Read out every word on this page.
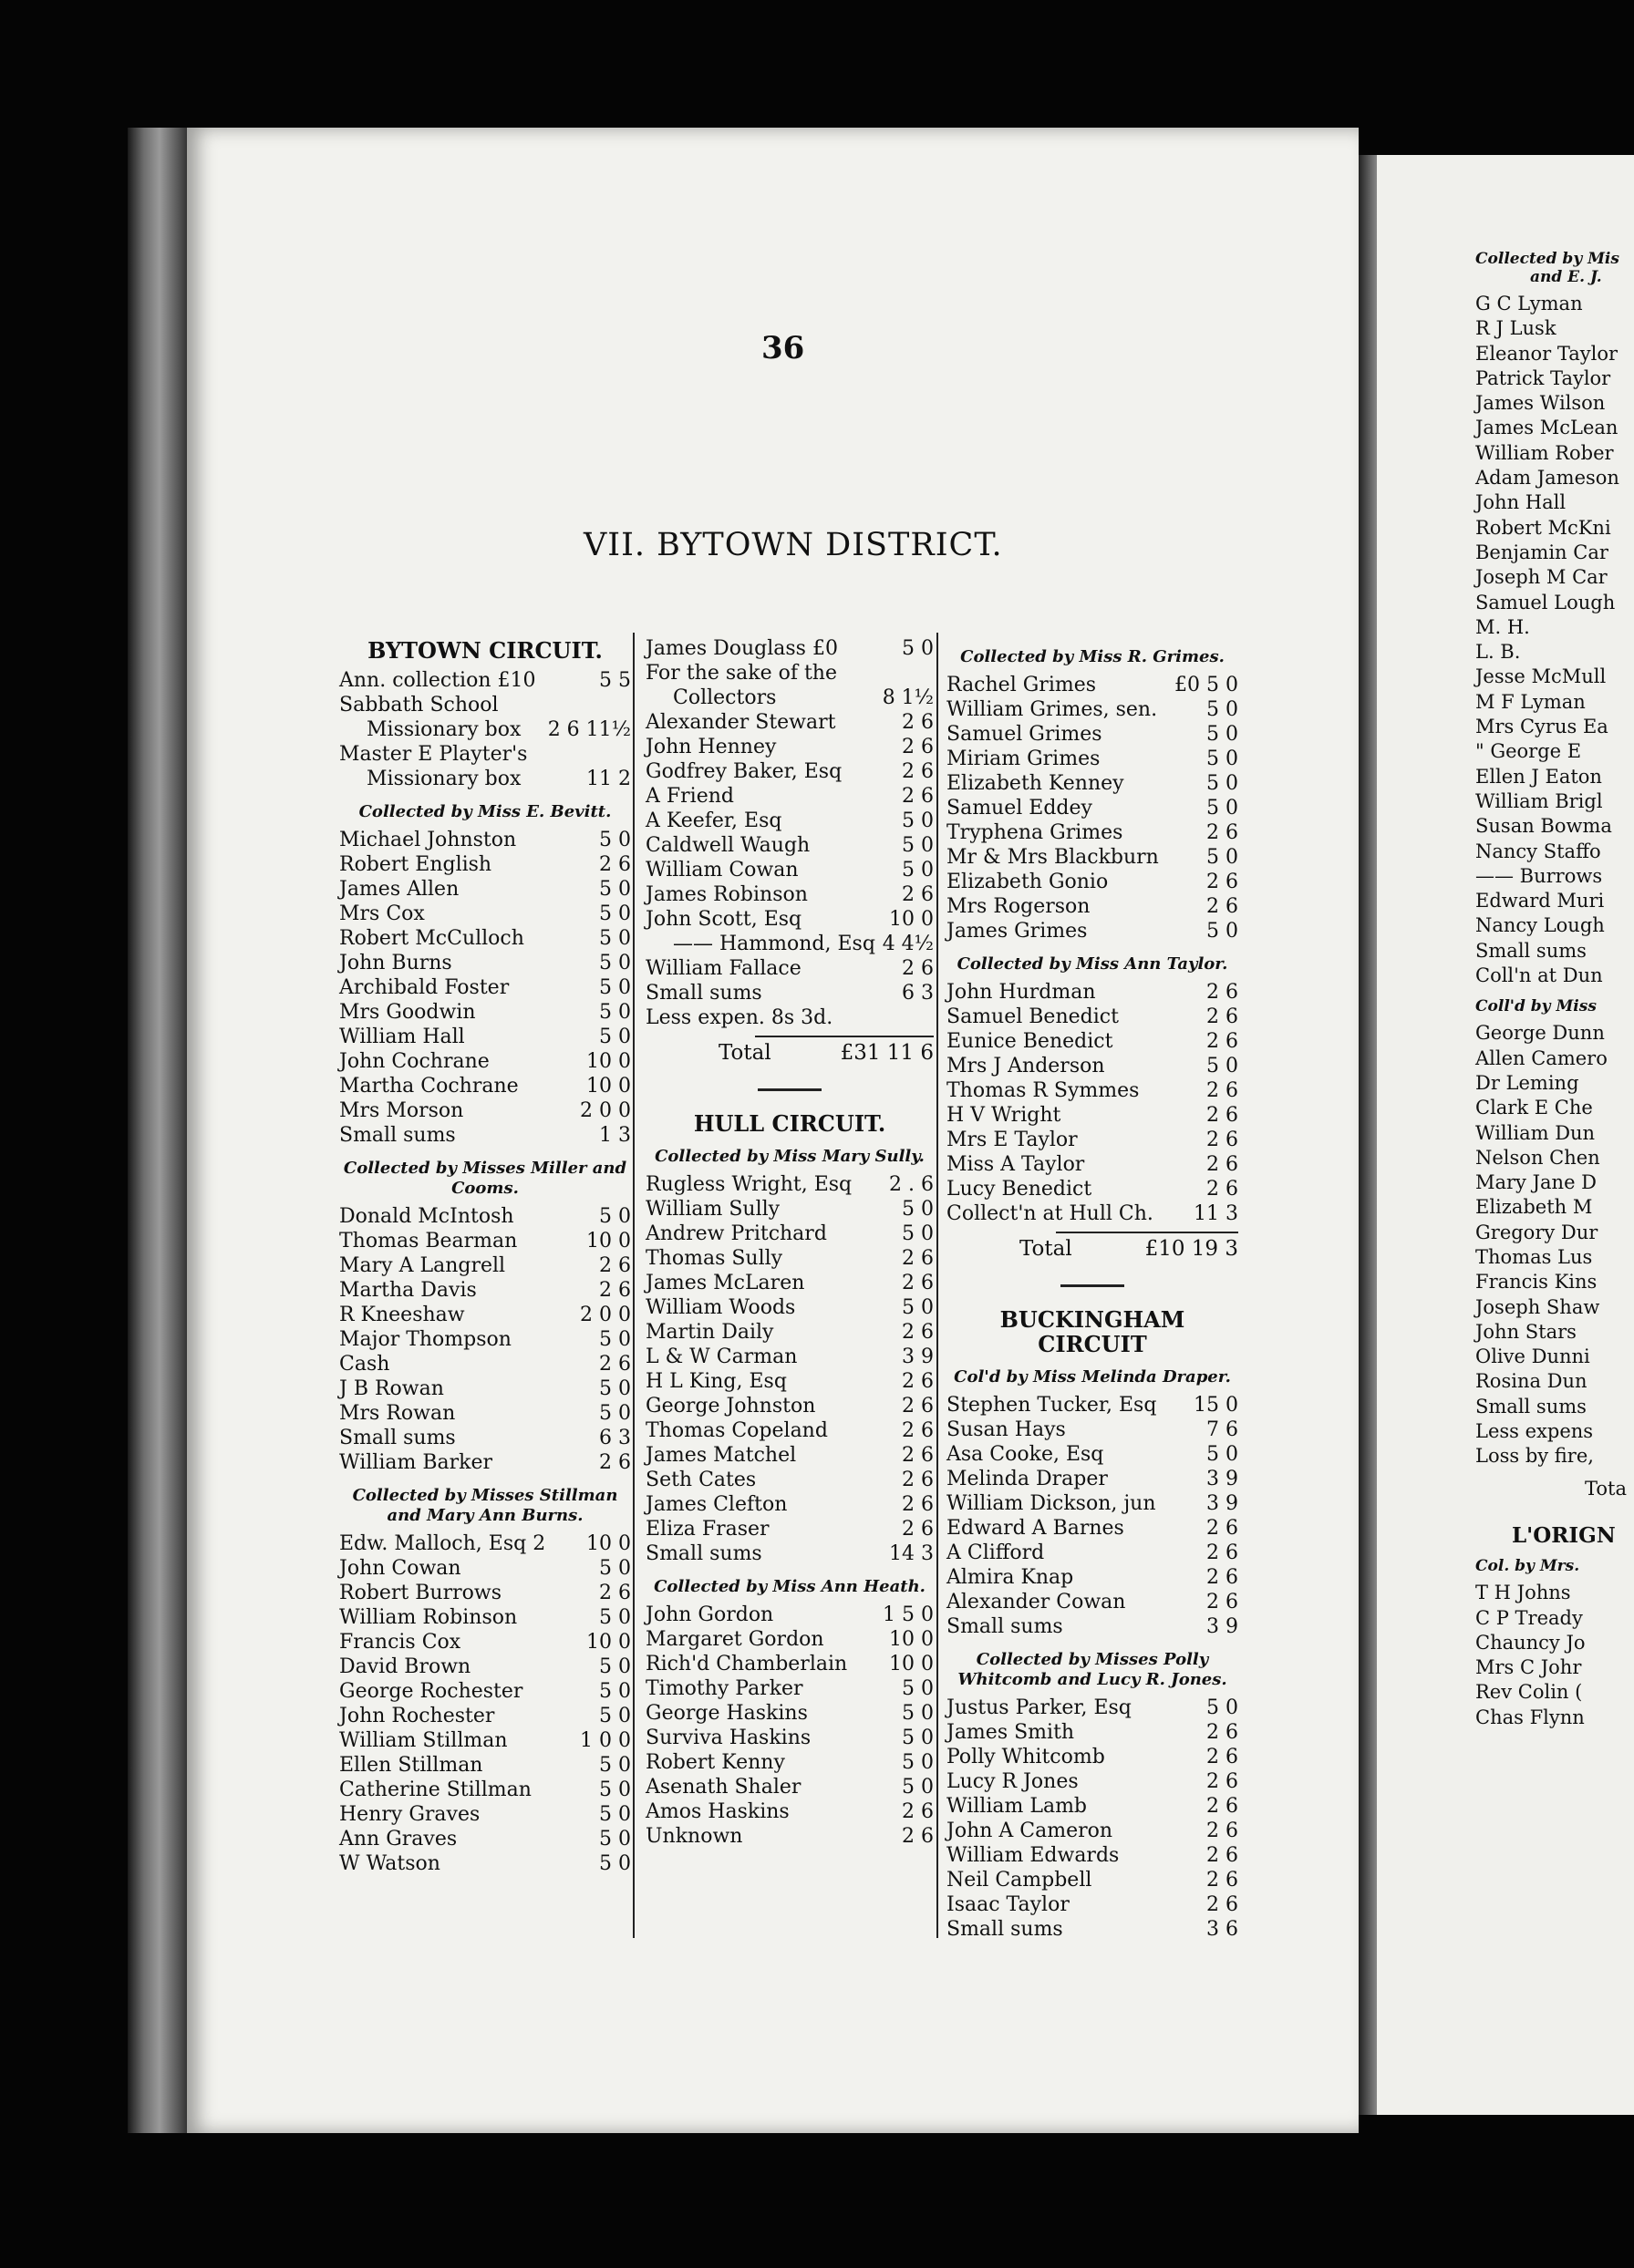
Collected by Mis
and E. J.
G C Lyman
R J Lusk
Eleanor Taylor
Patrick Taylor
James Wilson
James McLean
William Rober
Adam Jameson
John Hall
Robert McKni
Benjamin Car
Joseph M Car
Samuel Lough
M. H.
L. B.
Jesse McMull
M F Lyman
Mrs Cyrus Ea
" George E
Ellen J Eaton
William Brigl
Susan Bowma
Nancy Staffo
—— Burrows
Edward Muri
Nancy Lough
Small sums
Coll'n at Dun
Coll'd by Miss
George Dunn
Allen Camero
Dr Leming
Clark E Che
William Dun
Nelson Chen
Mary Jane D
Elizabeth M
Gregory Dur
Thomas Lus
Francis Kins
Joseph Shaw
John Stars
Olive Dunni
Rosina Dun
Small sums
Less expens
Loss by fire,
Tota
L'ORIGN
Col. by Mrs.
T H Johns
C P Tready
Chauncy Jo
Mrs C Johr
Rev Colin (
Chas Flynn
36
VII. BYTOWN DISTRICT.
BYTOWN CIRCUIT.
Ann. collection £10	5 5
Sabbath School
Missionary box 2 6 11½
Master E Playter's
Missionary box	11 2
Collected by Miss E. Bevitt.
Michael Johnston	5 0
Robert English	2 6
James Allen	5 0
Mrs Cox	5 0
Robert McCulloch	5 0
John Burns	5 0
Archibald Foster	5 0
Mrs Goodwin	5 0
William Hall	5 0
John Cochrane	10 0
Martha Cochrane	10 0
Mrs Morson	2 0 0
Small sums	1 3
Collected by Misses Miller and Cooms.
Donald McIntosh	5 0
Thomas Bearman	10 0
Mary A Langrell	2 6
Martha Davis	2 6
R Kneeshaw	2 0 0
Major Thompson	5 0
Cash	2 6
J B Rowan	5 0
Mrs Rowan	5 0
Small sums	6 3
William Barker	2 6
Collected by Misses Stillman and Mary Ann Burns.
Edw. Malloch, Esq 2 10 0
John Cowan	5 0
Robert Burrows	2 6
William Robinson	5 0
Francis Cox	10 0
David Brown	5 0
George Rochester	5 0
John Rochester	5 0
William Stillman	1 0 0
Ellen Stillman	5 0
Catherine Stillman	5 0
Henry Graves	5 0
Ann Graves	5 0
W Watson	5 0
James Douglass £0	5 0
For the sake of the
Collectors	8 1½
Alexander Stewart	2 6
John Henney	2 6
Godfrey Baker, Esq	2 6
A Friend	2 6
A Keefer, Esq	5 0
Caldwell Waugh	5 0
William Cowan	5 0
James Robinson	2 6
John Scott, Esq	10 0
—— Hammond, Esq 4 4½
William Fallace	2 6
Small sums	6 3
Less expen. 8s 3d.
Total	£31 11 6
HULL CIRCUIT.
Collected by Miss Mary Sully.
Rugless Wright, Esq 2 . 6
William Sully	5 0
Andrew Pritchard	5 0
Thomas Sully	2 6
James McLaren	2 6
William Woods	5 0
Martin Daily	2 6
L & W Carman	3 9
H L King, Esq	2 6
George Johnston	2 6
Thomas Copeland	2 6
James Matchel	2 6
Seth Cates	2 6
James Clefton	2 6
Eliza Fraser	2 6
Small sums	14 3
Collected by Miss Ann Heath.
John Gordon	1 5 0
Margaret Gordon	10 0
Rich'd Chamberlain 10 0
Timothy Parker	5 0
George Haskins	5 0
Surviva Haskins	5 0
Robert Kenny	5 0
Asenath Shaler	5 0
Amos Haskins	2 6
Unknown	2 6
Collected by Miss R. Grimes.
Rachel Grimes	£0 5 0
William Grimes, sen. 5 0
Samuel Grimes	5 0
Miriam Grimes	5 0
Elizabeth Kenney	5 0
Samuel Eddey	5 0
Tryphena Grimes	2 6
Mr & Mrs Blackburn 5 0
Elizabeth Gonio	2 6
Mrs Rogerson	2 6
James Grimes	5 0
Collected by Miss Ann Taylor.
John Hurdman	2 6
Samuel Benedict	2 6
Eunice Benedict	2 6
Mrs J Anderson	5 0
Thomas R Symmes	2 6
H V Wright	2 6
Mrs E Taylor	2 6
Miss A Taylor	2 6
Lucy Benedict	2 6
Collect'n at Hull Ch. 11 3
Total	£10 19 3
BUCKINGHAM CIRCUIT
Col'd by Miss Melinda Draper.
Stephen Tucker, Esq 15 0
Susan Hays	7 6
Asa Cooke, Esq	5 0
Melinda Draper	3 9
William Dickson, jun	3 9
Edward A Barnes	2 6
A Clifford	2 6
Almira Knap	2 6
Alexander Cowan	2 6
Small sums	3 9
Collected by Misses Polly Whitcomb and Lucy R. Jones.
Justus Parker, Esq	5 0
James Smith	2 6
Polly Whitcomb	2 6
Lucy R Jones	2 6
William Lamb	2 6
John A Cameron	2 6
William Edwards	2 6
Neil Campbell	2 6
Isaac Taylor	2 6
Small sums	3 6
